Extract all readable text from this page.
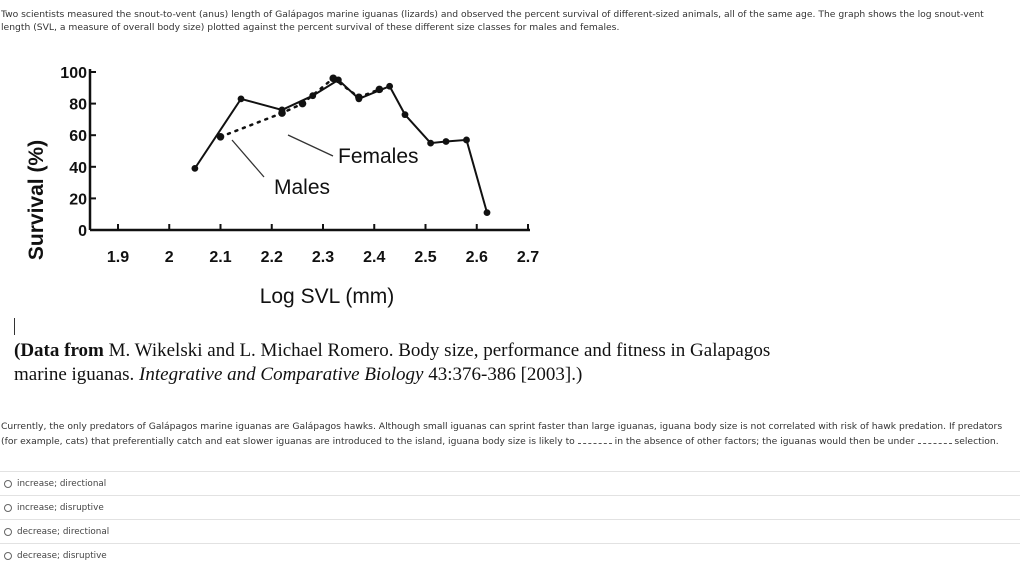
Two scientists measured the snout-to-vent (anus) length of Galápagos marine iguanas (lizards) and observed the percent survival of different-sized animals, all of the same age. The graph shows the log snout-vent length (SVL, a measure of overall body size) plotted against the percent survival of these different size classes for males and females.
0
20
40
60
80
100
1.9 2 2.1 2.2 2.3 2.4 2.5 2.6 2.7
Males
Females
Survival (%)
Log SVL (mm)
(Data from M. Wikelski and L. Michael Romero. Body size, performance and fitness in Galapagos marine iguanas. Integrative and Comparative Biology 43:376-386 [2003].)
Currently, the only predators of Galápagos marine iguanas are Galápagos hawks. Although small iguanas can sprint faster than large iguanas, iguana body size is not correlated with risk of hawk predation. If predators (for example, cats) that preferentially catch and eat slower iguanas are introduced to the island, iguana body size is likely to	in the absence of other factors; the iguanas would then be under	selection.
increase; directional
increase; disruptive
decrease; directional
decrease; disruptive
